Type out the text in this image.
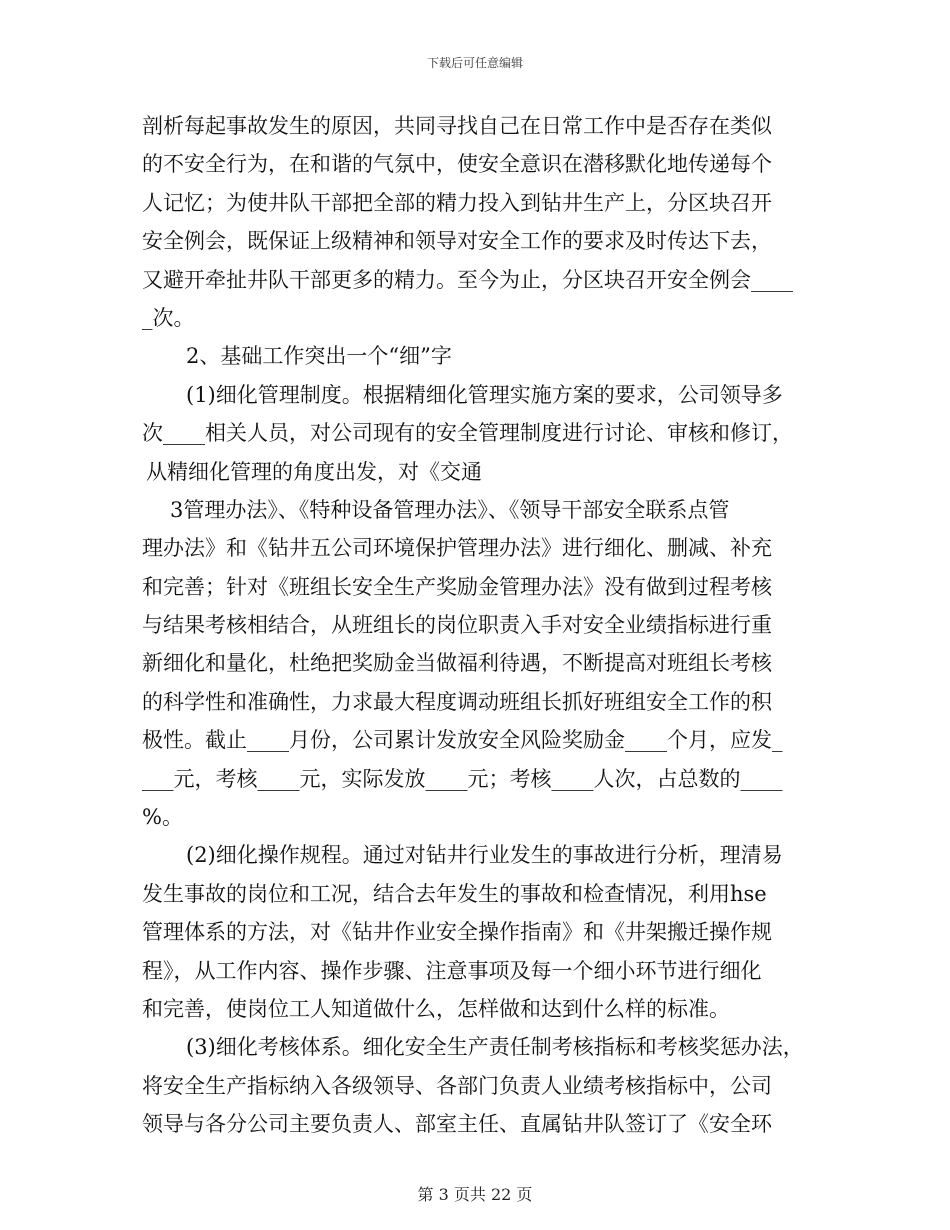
下载后可任意编辑
剖析每起事故发生的原因，共同寻找自己在日常工作中是否存在类似
的不安全行为，在和谐的气氛中，使安全意识在潜移默化地传递每个
人记忆；为使井队干部把全部的精力投入到钻井生产上，分区块召开
安全例会，既保证上级精神和领导对安全工作的要求及时传达下去，
又避开牵扯井队干部更多的精力。至今为止，分区块召开安全例会____
_次。
2、基础工作突出一个“细”字
(1)细化管理制度。根据精细化管理实施方案的要求，公司领导多
次____相关人员，对公司现有的安全管理制度进行讨论、审核和修订，
从精细化管理的角度出发，对《交通
3管理办法》、《特种设备管理办法》、《领导干部安全联系点管
理办法》和《钻井五公司环境保护管理办法》进行细化、删减、补充
和完善；针对《班组长安全生产奖励金管理办法》没有做到过程考核
与结果考核相结合，从班组长的岗位职责入手对安全业绩指标进行重
新细化和量化，杜绝把奖励金当做福利待遇，不断提高对班组长考核
的科学性和准确性，力求最大程度调动班组长抓好班组安全工作的积
极性。截止____月份，公司累计发放安全风险奖励金____个月，应发_
___元，考核____元，实际发放____元；考核____人次，占总数的____
%。
(2)细化操作规程。通过对钻井行业发生的事故进行分析，理清易
发生事故的岗位和工况，结合去年发生的事故和检查情况，利用hse
管理体系的方法，对《钻井作业安全操作指南》和《井架搬迁操作规
程》，从工作内容、操作步骤、注意事项及每一个细小环节进行细化
和完善，使岗位工人知道做什么，怎样做和达到什么样的标准。
(3)细化考核体系。细化安全生产责任制考核指标和考核奖惩办法，
将安全生产指标纳入各级领导、各部门负责人业绩考核指标中，公司
领导与各分公司主要负责人、部室主任、直属钻井队签订了《安全环
第 3 页共 22 页
